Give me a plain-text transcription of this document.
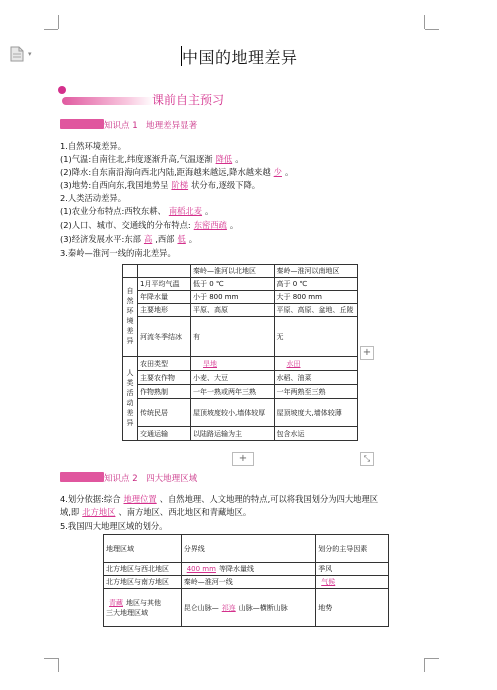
▾	中国的地理差异
课前自主预习
知识点 1　地理差异显著
1.自然环境差异。
(1)气温:自南往北,纬度逐渐升高,气温逐渐 降低 。
(2)降水:自东南沿海向西北内陆,距海越来越远,降水越来越 少 。
(3)地势:自西向东,我国地势呈 阶梯 状分布,逐级下降。
2.人类活动差异。
(1)农业分布特点:西牧东耕、 南稻北麦 。
(2)人口、城市、交通线的分布特点: 东密西疏 。
(3)经济发展水平:东部 高 ,西部 低 。
3.秦岭—淮河一线的南北差异。
		秦岭—淮河以北地区	秦岭—淮河以南地区
自然环境差异	1月平均气温	低于 0 ℃	高于 0 ℃
	年降水量	小于 800 mm	大于 800 mm
	主要地形	平原、高原	平原、高原、盆地、丘陵
	河流冬季结冰	有	无
人类活动差异	农田类型	旱地	水田
	主要农作物	小麦、大豆	水稻、油菜
	作物熟制	一年一熟或两年三熟	一年两熟至三熟
	传统民居	屋顶坡度较小,墙体较厚	屋顶坡度大,墙体较薄
	交通运输	以陆路运输为主	包含水运
+
+	⤡
知识点 2　四大地理区域
4.划分依据:综合 地理位置 、自然地理、人文地理的特点,可以将我国划分为四大地理区
域,即 北方地区 、南方地区、西北地区和青藏地区。
5.我国四大地理区域的划分。
地理区域	分界线	划分的主导因素
北方地区与西北地区	400 mm 等降水量线	季风
北方地区与南方地区	秦岭—淮河一线	气候
青藏 地区与其他
三大地理区域	昆仑山脉— 祁连 山脉—横断山脉	地势
